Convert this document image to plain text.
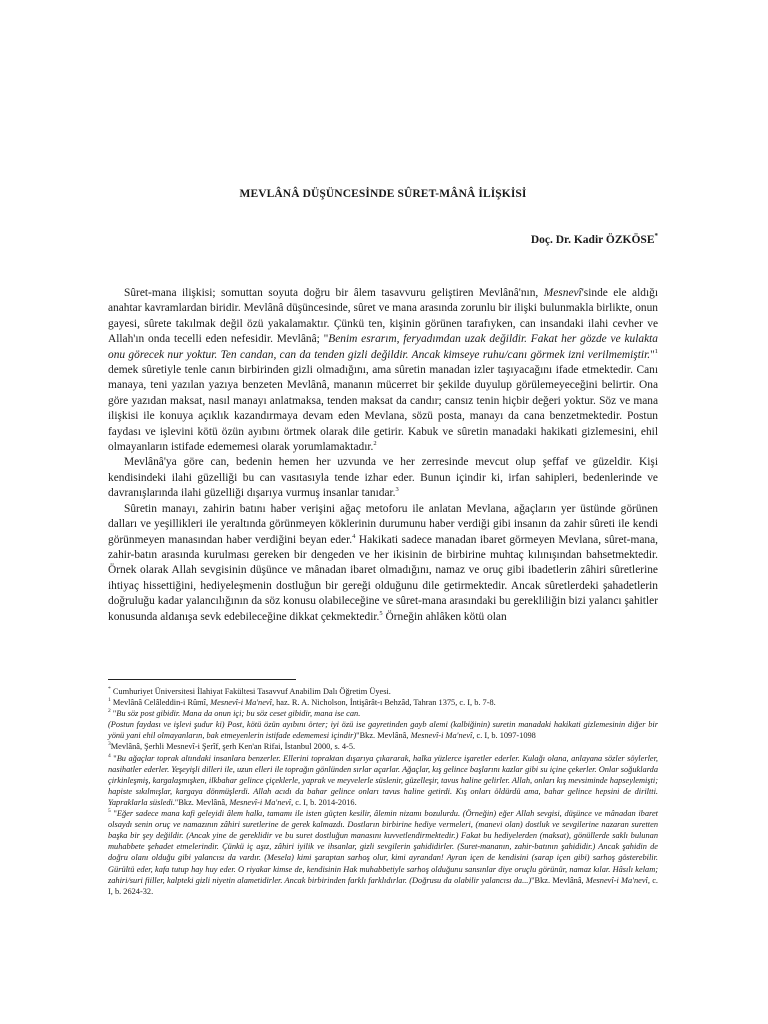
MEVLÂNÂ DÜŞÜNCESİNDE SÛRET-MÂNÂ İLİŞKİSİ
Doç. Dr. Kadir ÖZKÖSE*

Sûret-mana ilişkisi; somuttan soyuta doğru bir âlem tasavvuru geliştiren Mevlânâ'nın, Mesnevî'sinde ele aldığı anahtar kavramlardan biridir. Mevlânâ düşüncesinde, sûret ve mana arasında zorunlu bir ilişki bulunmakla birlikte, onun gayesi, sûrete takılmak değil özü yakalamaktır. Çünkü ten, kişinin görünen tarafıyken, can insandaki ilahi cevher ve Allah'ın onda tecelli eden nefesidir. Mevlânâ; "Benim esrarım, feryadımdan uzak değildir. Fakat her gözde ve kulakta onu görecek nur yoktur. Ten candan, can da tenden gizli değildir. Ancak kimseye ruhu/canı görmek izni verilmemiştir."$^1$ demek sûretiyle tenle canın birbirinden gizli olmadığını, ama sûretin manadan izler taşıyacağını ifade etmektedir. Canı manaya, teni yazılan yazıya benzeten Mevlânâ, mananın mücerret bir şekilde duyulup görülemeyeceğini belirtir. Ona göre yazıdan maksat, nasıl manayı anlatmaksa, tenden maksat da candır; cansız tenin hiçbir değeri yoktur. Söz ve mana ilişkisi ile konuya açıklık kazandırmaya devam eden Mevlana, sözü posta, manayı da cana benzetmektedir. Postun faydası ve işlevini kötü özün ayıbını örtmek olarak dile getirir. Kabuk ve sûretin manadaki hakikati gizlemesini, ehil olmayanların istifade edememesi olarak yorumlamaktadır.$^2$

Mevlânâ'ya göre can, bedenin hemen her uzvunda ve her zerresinde mevcut olup şeffaf ve güzeldir. Kişi kendisindeki ilahi güzelliği bu can vasıtasıyla tende izhar eder. Bunun içindir ki, irfan sahipleri, bedenlerinde ve davranışlarında ilahi güzelliği dışarıya vurmuş insanlar tanıdar.$^3$

Sûretin manayı, zahirin batını haber verişini ağaç metoforu ile anlatan Mevlana, ağaçların yer üstünde görünen dalları ve yeşillikleri ile yeraltında görünmeyen köklerinin durumunu haber verdiği gibi insanın da zahir sûreti ile kendi görünmeyen manasından haber verdiğini beyan eder.$^4$ Hakikati sadece manadan ibaret görmeyen Mevlana, sûret-mana, zahir-batın arasında kurulması gereken bir dengeden ve her ikisinin de birbirine muhtaç kılınışından bahsetmektedir. Örnek olarak Allah sevgisinin düşünce ve mânadan ibaret olmadığını, namaz ve oruç gibi ibadetlerin zâhiri sûretlerine ihtiyaç hissettiğini, hediyeleşmenin dostluğun bir gereği olduğunu dile getirmektedir. Ancak sûretlerdeki şahadetlerin doğruluğu kadar yalancılığının da söz konusu olabileceğine ve sûret-mana arasındaki bu gerekliliğin bizi yalancı şahitler konusunda aldanışa sevk edebileceğine dikkat çekmektedir.$^5$ Örneğin ahlâken kötü olan

* Cumhuriyet Üniversitesi İlahiyat Fakültesi Tasavvuf Anabilim Dalı Öğretim Üyesi.
$^1$ Mevlânâ Celâleddin-i Rûmî, Mesnevî-i Ma'nevî, haz. R. A. Nicholson, İntişârât-ı Behzâd, Tahran 1375, c. I, b. 7-8.
$^2$ "Bu söz post gibidir. Mana da onun içi; bu söz ceset gibidir, mana ise can.
(Postun faydası ve işlevi şudur ki) Post, kötü özün ayıbını örter; iyi özü ise gayretinden gayb alemi (kalbiğinin) suretin manadaki hakikati gizlemesinin diğer bir yönü yani ehil olmayanların, bak etmeyenlerin istifade edememesi içindir)"Bkz. Mevlânâ, Mesnevî-i Ma'nevî, c. I, b. 1097-1098
$^3$Mevlânâ, Şerhli Mesnevî-i Şerîf, şerh Ken'an Rifai, İstanbul 2000, s. 4-5.
$^4$ "Bu ağaçlar toprak altındaki insanlara benzerler. Ellerini topraktan dışarıya çıkararak, halka yüzlerce işaretler ederler. Kulağı olana, anlayana sözler söylerler, nasihatler ederler. Yeşeyişli dilleri ile, uzun elleri ile toprağın gönlünden sırlar açarlar. Ağaçlar, kış gelince başlarını kazlar gibi su içine çekerler. Onlar soğuklarda çirkinleşmiş, kargalaşmışken, ilkbahar gelince çiçeklerle, yaprak ve meyvelerle süslenir, güzelleşir, tavus haline gelirler. Allah, onları kış mevsiminde hapseylemişti; hapiste sıkılmışlar, kargaya dönmüşlerdi. Allah acıdı da bahar gelince onları tavus haline getirdi. Kış onları öldürdü ama, bahar gelince hepsini de diriltti. Yapraklarla süsledi."Bkz. Mevlânâ, Mesnevî-i Ma'nevî, c. I, b. 2014-2016.
$^5$ "Eğer sadece mana kafi geleyidi âlem halkı, tamamı ile isten güçten kesilir, âlemin nizamı bozulurdu. (Örneğin) eğer Allah sevgisi, düşünce ve mânadan ibaret olsaydı senin oruç ve namazının zâhiri suretlerine de gerek kalmazdı. Dostların birbirine hediye vermeleri, (manevi olan) dostluk ve sevgilerine nazaran suretten başka bir şey değildir. (Ancak yine de gereklidir ve bu suret dostluğun manasını kuvvetlendirmektedir.) Fakat bu hediyelerden (maksat), gönüllerde saklı bulunan muhabbete şehadet etmelerindir. Çünkü iç aşız, zâhiri iyilik ve ihsanlar, gizli sevgilerin şahididirler. (Suret-mananın, zahir-batının şahididir.) Ancak şahidin de doğru olanı olduğu gibi yalancısı da vardır. (Mesela) kimi şaraptan sarhoş olur, kimi ayrandan! Ayran içen de kendisini (sarap içen gibi) sarhoş gösterebilir. Gürültü eder, kafa tutup hay huy eder. O riyakar kimse de, kendisinin Hak muhabbetiyle sarhoş olduğunu sansınlar diye oruçlu görünür, namaz kılar. Hâsılı kelam; zahiri/suri fiiller, kalpteki gizli niyetin alametidirler. Ancak birbirinden farklı farklıdırlar. (Doğrusu da olabilir yalancısı da...)"Bkz. Mevlânâ, Mesnevî-i Ma'nevî, c. I, b. 2624-32.
